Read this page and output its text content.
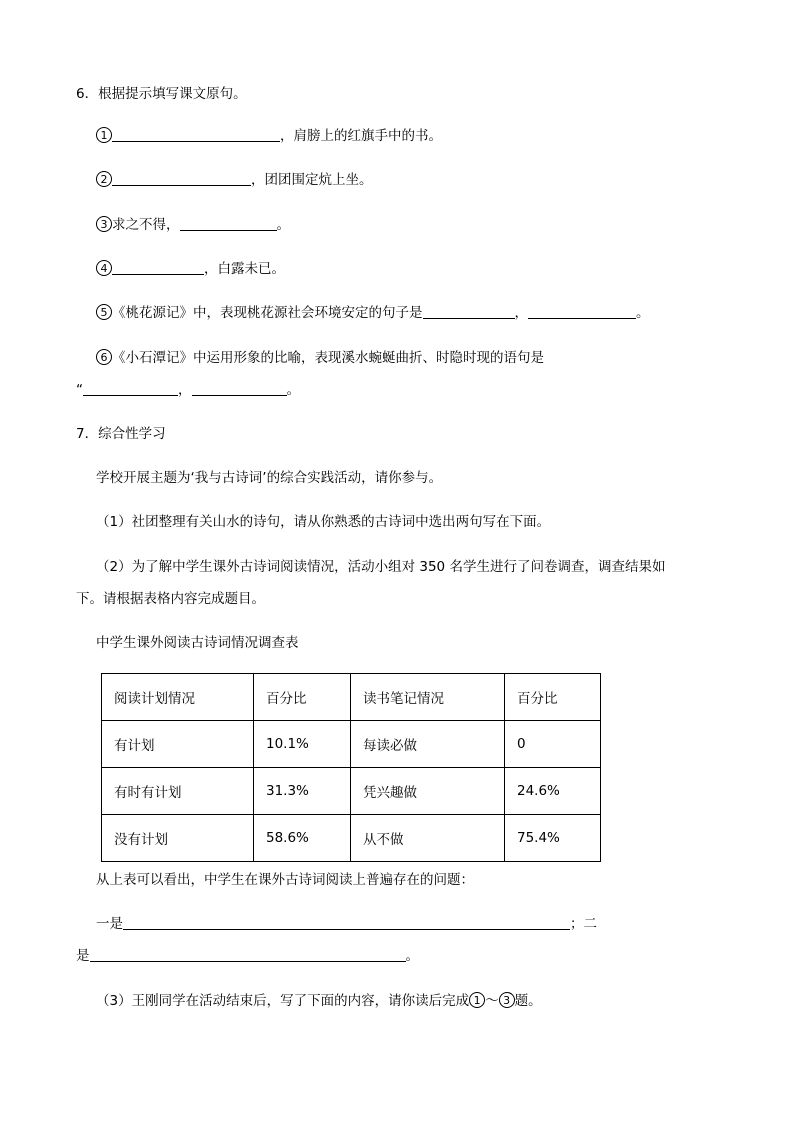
6．根据提示填写课文原句。
1	，肩膀上的红旗手中的书。
2	，团团围定炕上坐。
3 求之不得，	。
4	，白露未已。
5 《桃花源记》中，表现桃花源社会环境安定的句子是	，	。
6 《小石潭记》中运用形象的比喻，表现溪水蜿蜒曲折、时隐时现的语句是
“	，	。
7．综合性学习
学校开展主题为‘我与古诗词’的综合实践活动，请你参与。
（1）社团整理有关山水的诗句，请从你熟悉的古诗词中选出两句写在下面。
（2）为了解中学生课外古诗词阅读情况，活动小组对 350 名学生进行了问卷调查，调查结果如
下。请根据表格内容完成题目。
中学生课外阅读古诗词情况调查表
阅读计划情况	百分比	读书笔记情况	百分比
有计划	10.1%	每读必做	0
有时有计划	31.3%	凭兴趣做	24.6%
没有计划	58.6%	从不做	75.4%
从上表可以看出，中学生在课外古诗词阅读上普遍存在的问题：
一是	；二
是	。
（3）王刚同学在活动结束后，写了下面的内容，请你读后完成 1 ～ 3 题。
